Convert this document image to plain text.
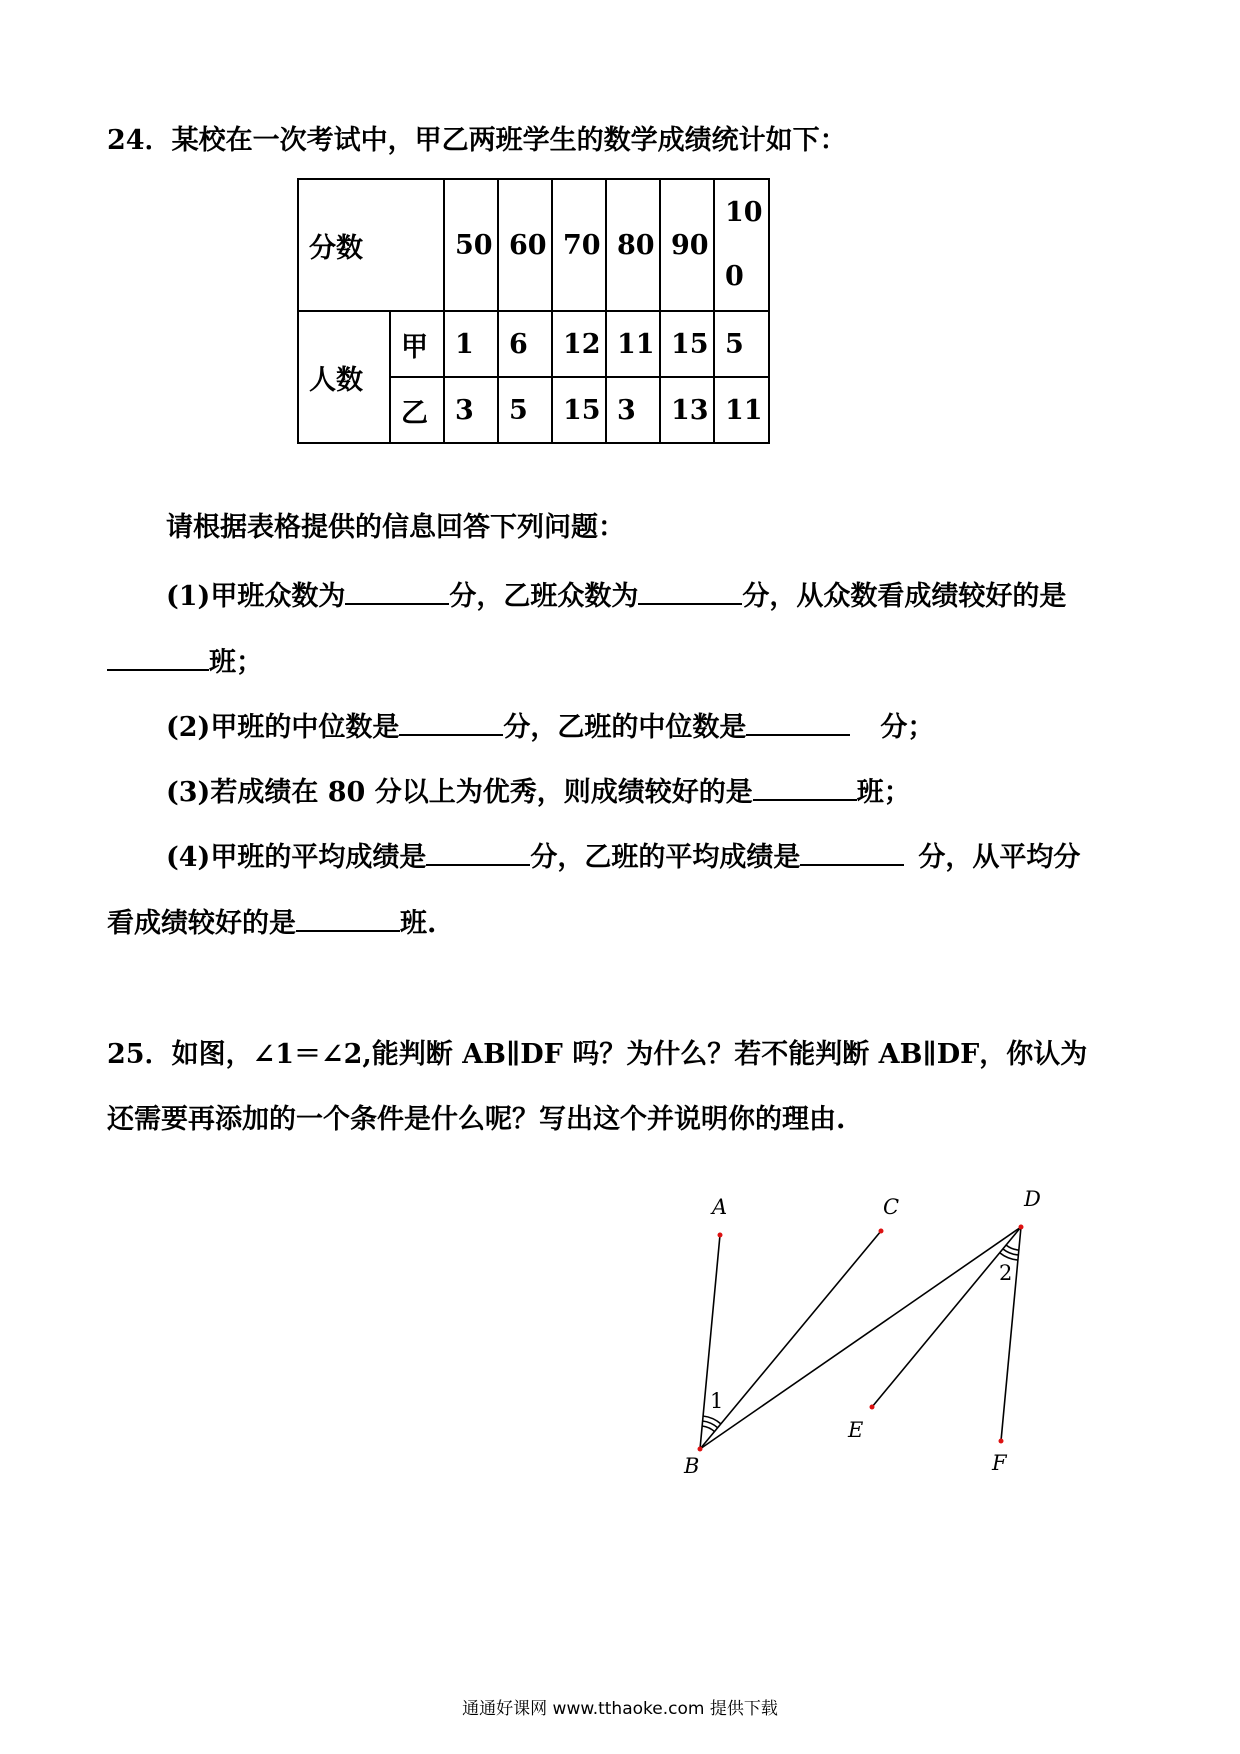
24．某校在一次考试中，甲乙两班学生的数学成绩统计如下：
分数		50	60	70	80	90	10
0
人数	甲	1	6	12	11	15	5
	乙	3	5	15	3	13	11
请根据表格提供的信息回答下列问题：
(1)甲班众数为	分，乙班众数为	分，从众数看成绩较好的是
班；
(2)甲班的中位数是	分，乙班的中位数是	分；
(3)若成绩在 80 分以上为优秀，则成绩较好的是	班；
(4)甲班的平均成绩是	分，乙班的平均成绩是	分，从平均分
看成绩较好的是	班.
25．如图，∠1＝∠2,能判断 AB∥DF 吗？为什么？若不能判断 AB∥DF，你认为
还需要再添加的一个条件是什么呢？写出这个并说明你的理由.
A
B
C	D
E
F
1
2
通通好课网 www.tthaoke.com 提供下载
